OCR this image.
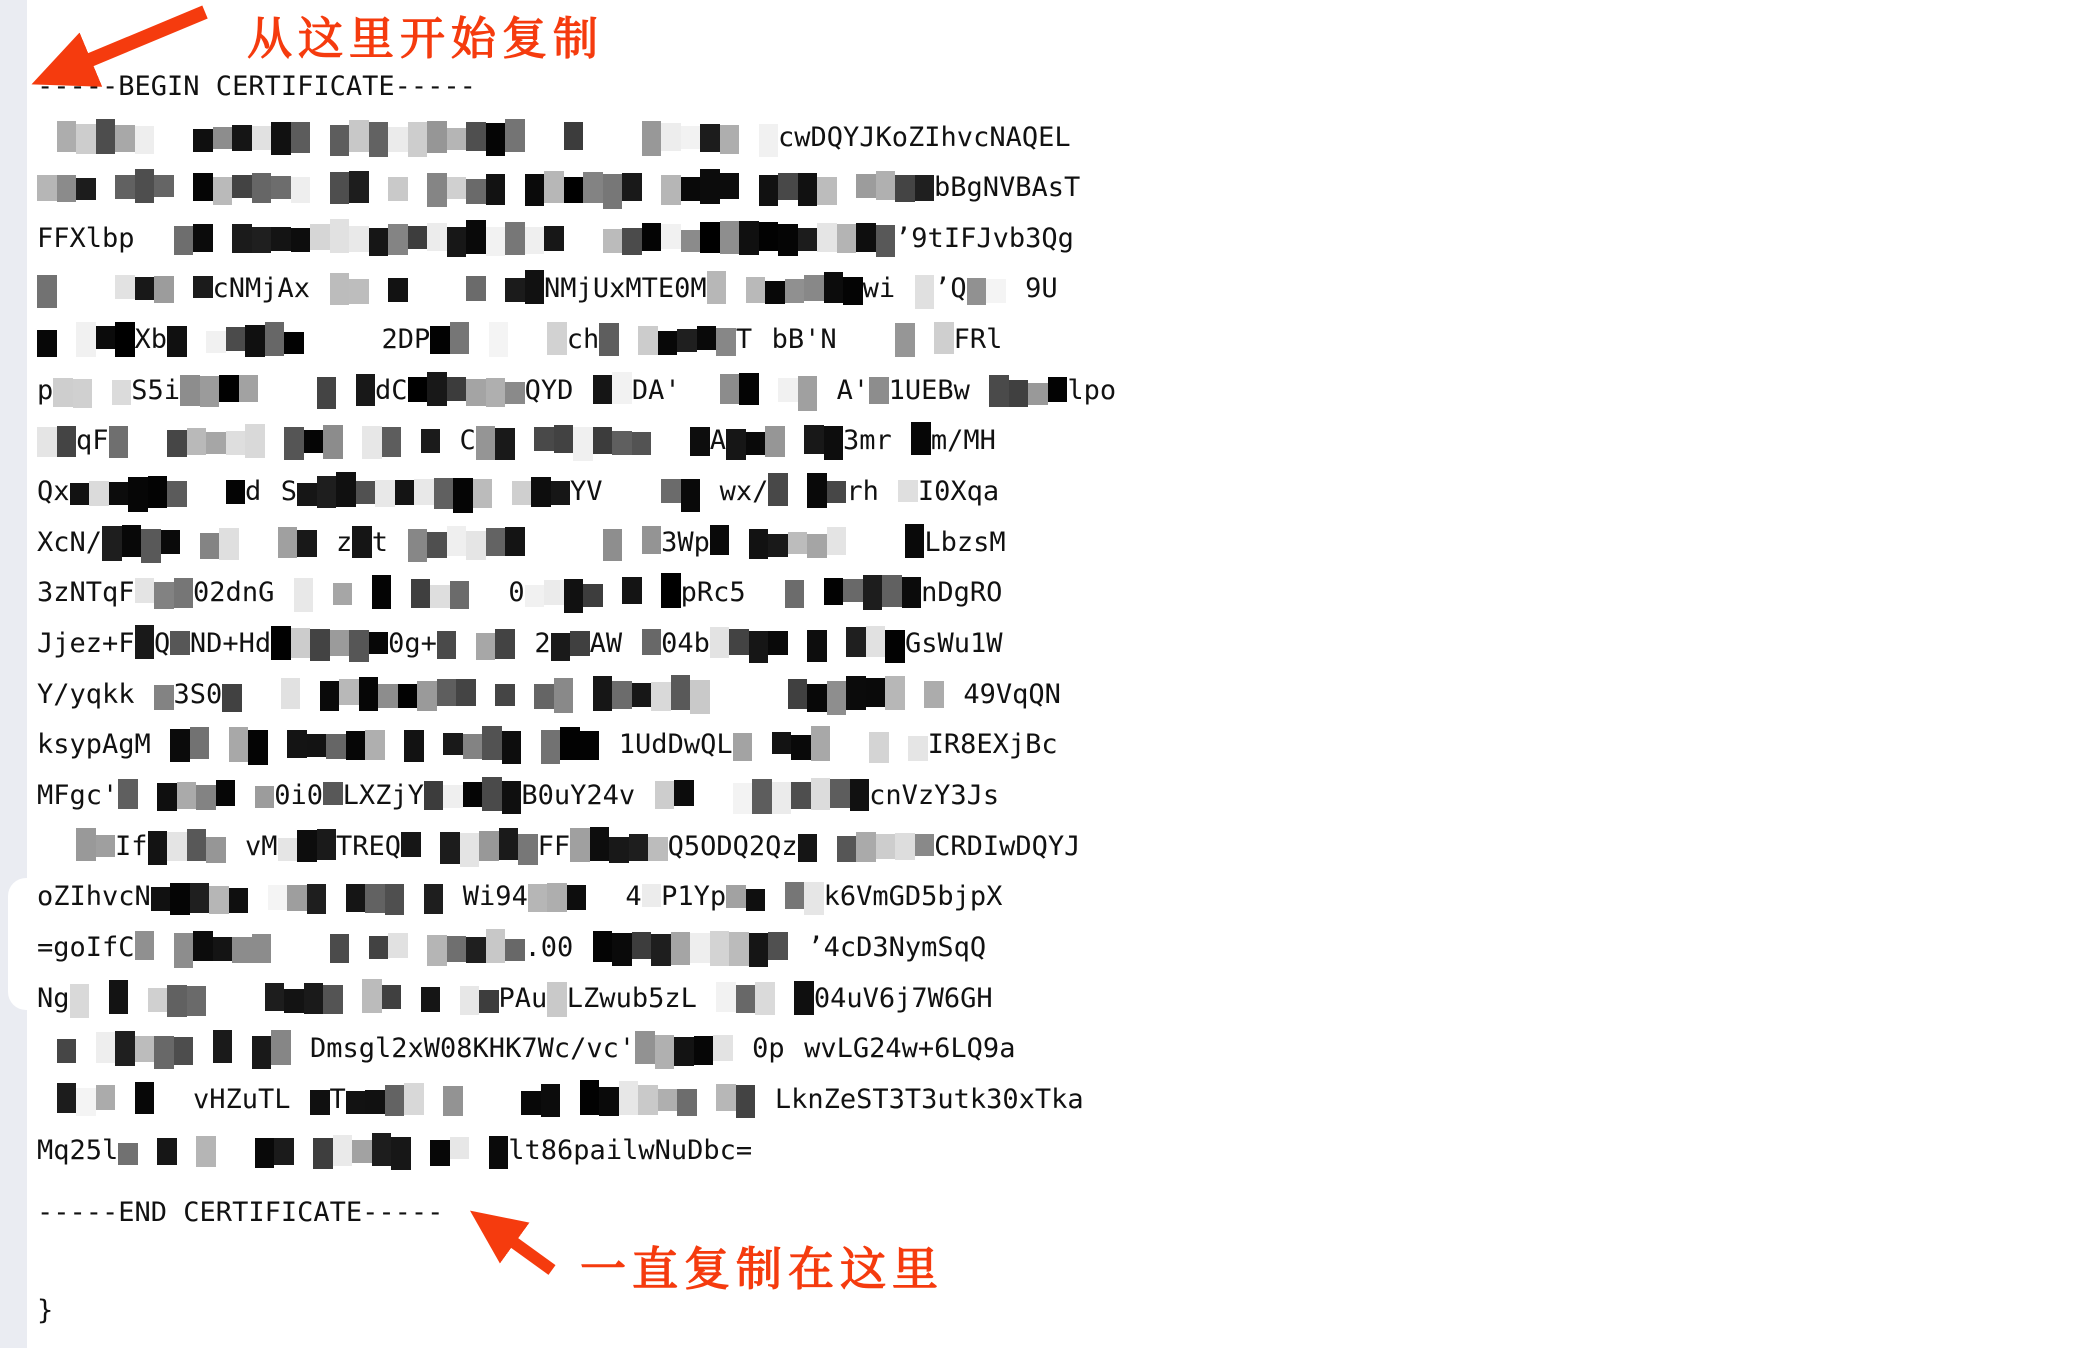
-----BEGIN CERTIFICATE-----
cwDQYJKoZIhvcNAQEL
bBgNVBAsT
FFXlbp	’9tIFJvb3Qg
cNMjAx	NMjUxMTE0M	wi ’Q 9U
Xb	2DP	ch	T bB'N	FRl
p	S5i	dC	QYD DA'	A' 1UEBw	lpo
qF	C	A	3mr m/MH
Qx	d S	YV	wx/	rh I0Xqa
XcN/	z t	3Wp	LbzsM
3zNTqF 02dnG	0	pRc5	nDgRO
Jjez+F Q ND+Hd	0g+	2 AW 04b	GsWu1W
Y/yqkk 3S0	49VqQN
ksypAgM	1UdDwQL	IR8EXjBc
MFgc'	0i0 LXZjY	B0uY24v	cnVzY3Js
If	vM TREQ	FF	Q5ODQ2Qz	CRDIwDQYJ
oZIhvcN	Wi94	4 P1Yp	k6VmGD5bjpX
=goIfC	.00	’4cD3NymSqQ
Ng	PAu LZwub5zL	04uV6j7W6GH
Dmsgl2xW08KHK7Wc/vc'	0p wvLG24w+6LQ9a
vHZuTL T	LknZeST3T3utk30xTka
Mq25l	lt86pailwNuDbc=
-----END CERTIFICATE-----
}
从这里开始复制
一直复制在这里
